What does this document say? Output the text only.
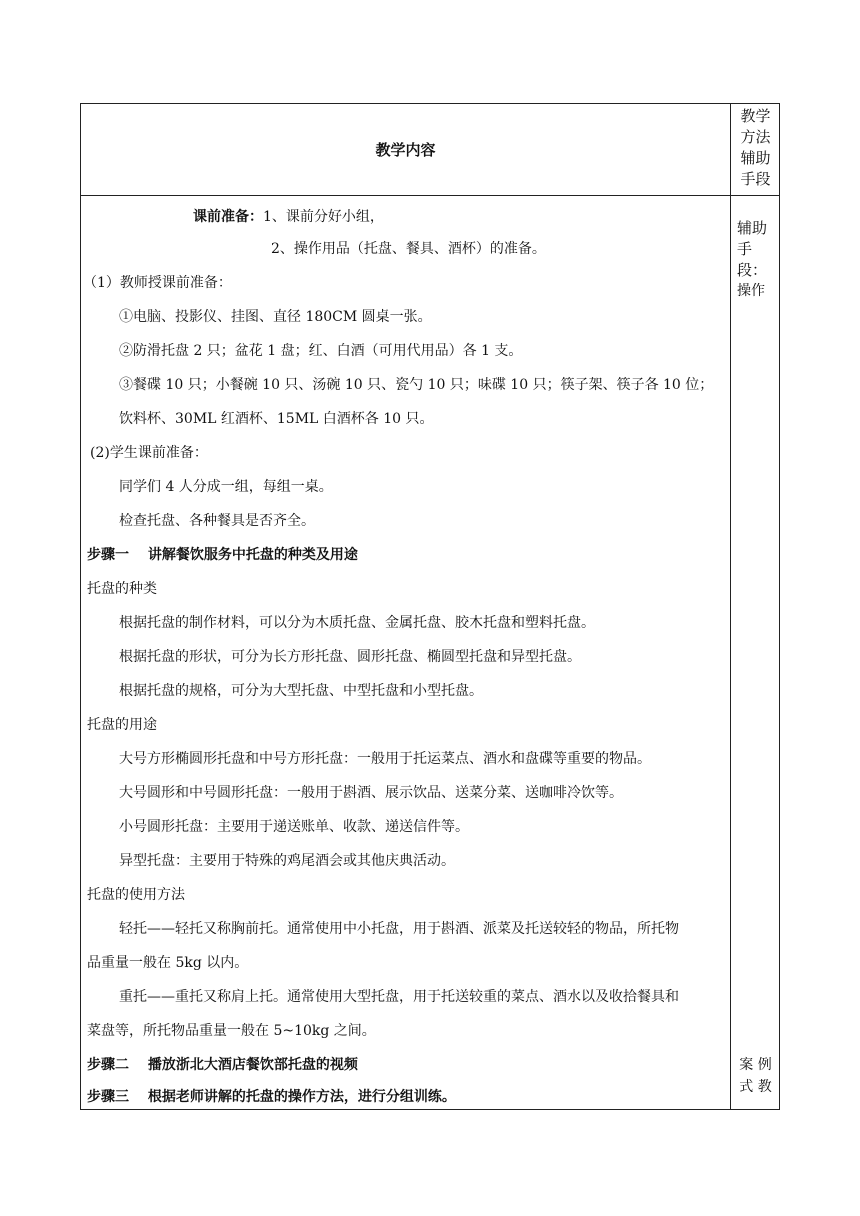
教学内容
教学方法辅助手段
辅助手段：
操作
案 例 式 教
课前准备：1、课前分好小组，
2、操作用品（托盘、餐具、酒杯）的准备。
（1）教师授课前准备：
①电脑、投影仪、挂图、直径 180CM 圆桌一张。
②防滑托盘 2 只；盆花 1 盘；红、白酒（可用代用品）各 1 支。
③餐碟 10 只；小餐碗 10 只、汤碗 10 只、瓷勺 10 只；味碟 10 只；筷子架、筷子各 10 位；
饮料杯、30ML 红酒杯、15ML 白酒杯各 10 只。
(2)学生课前准备：
同学们 4 人分成一组，每组一桌。
检查托盘、各种餐具是否齐全。
步骤一　 讲解餐饮服务中托盘的种类及用途
托盘的种类
根据托盘的制作材料，可以分为木质托盘、金属托盘、胶木托盘和塑料托盘。
根据托盘的形状，可分为长方形托盘、圆形托盘、椭圆型托盘和异型托盘。
根据托盘的规格，可分为大型托盘、中型托盘和小型托盘。
托盘的用途
大号方形椭圆形托盘和中号方形托盘：一般用于托运菜点、酒水和盘碟等重要的物品。
大号圆形和中号圆形托盘：一般用于斟酒、展示饮品、送菜分菜、送咖啡冷饮等。
小号圆形托盘：主要用于递送账单、收款、递送信件等。
异型托盘：主要用于特殊的鸡尾酒会或其他庆典活动。
托盘的使用方法
轻托——轻托又称胸前托。通常使用中小托盘，用于斟酒、派菜及托送较轻的物品，所托物
品重量一般在 5kg 以内。
重托——重托又称肩上托。通常使用大型托盘，用于托送较重的菜点、酒水以及收拾餐具和
菜盘等，所托物品重量一般在 5~10kg 之间。
步骤二　 播放浙北大酒店餐饮部托盘的视频
步骤三　 根据老师讲解的托盘的操作方法，进行分组训练。
